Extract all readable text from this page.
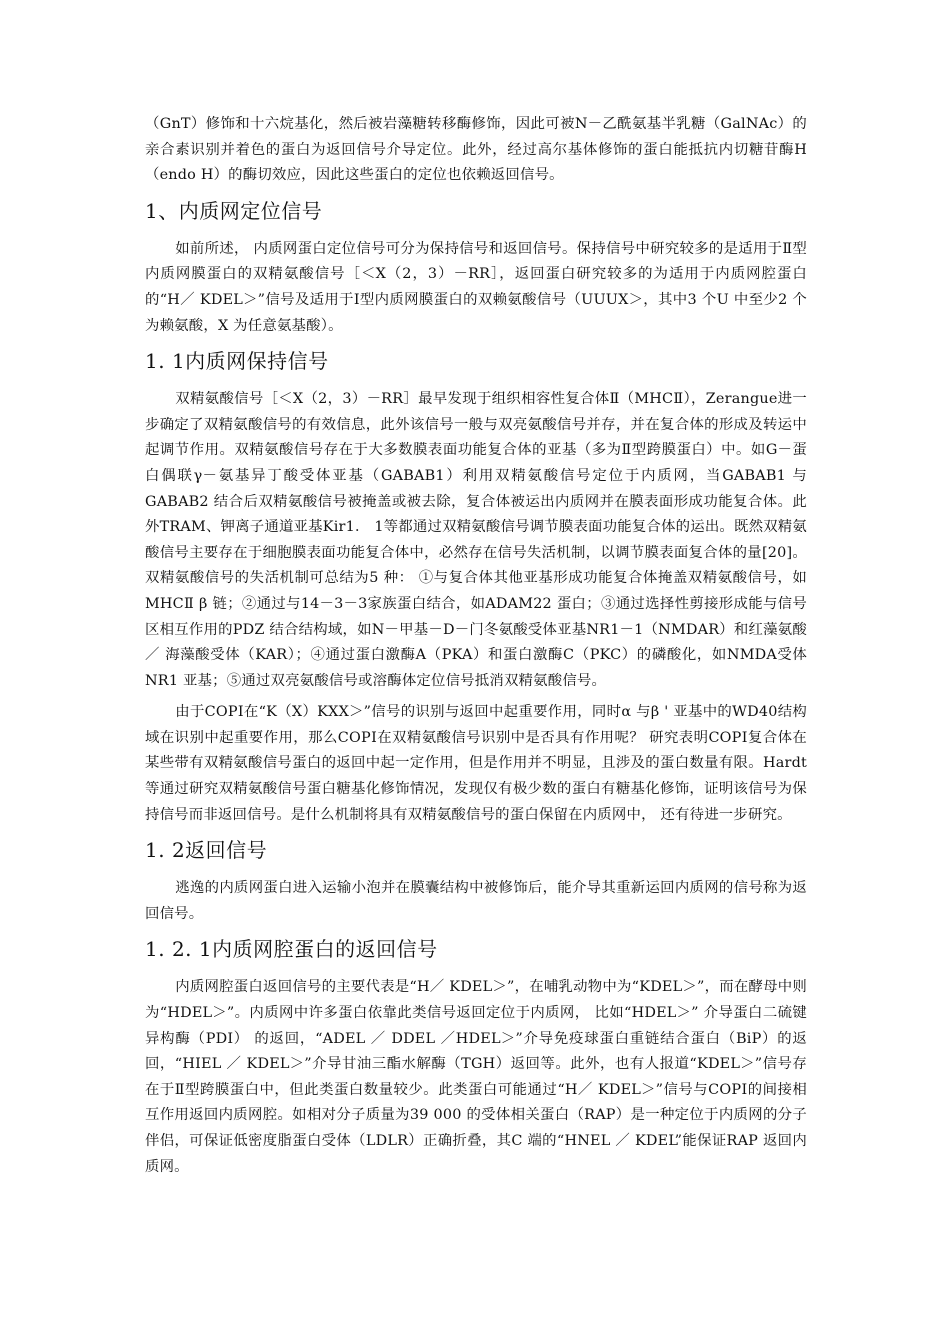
（GnT）修饰和十六烷基化，然后被岩藻糖转移酶修饰，因此可被N－乙酰氨基半乳糖（GalNAc）的亲合素识别并着色的蛋白为返回信号介导定位。此外，经过高尔基体修饰的蛋白能抵抗内切糖苷酶H（endo H）的酶切效应，因此这些蛋白的定位也依赖返回信号。

1、内质网定位信号

如前所述， 内质网蛋白定位信号可分为保持信号和返回信号。保持信号中研究较多的是适用于Ⅱ型内质网膜蛋白的双精氨酸信号［＜X（2，3）－RR］，返回蛋白研究较多的为适用于内质网腔蛋白的“H／ KDEL＞”信号及适用于Ⅰ型内质网膜蛋白的双赖氨酸信号（UUUX＞，其中3 个U 中至少2 个为赖氨酸，X 为任意氨基酸）。

1. 1内质网保持信号

双精氨酸信号［＜X（2，3）－RR］最早发现于组织相容性复合体Ⅱ（MHCⅡ），Zerangue进一步确定了双精氨酸信号的有效信息，此外该信号一般与双亮氨酸信号并存，并在复合体的形成及转运中起调节作用。双精氨酸信号存在于大多数膜表面功能复合体的亚基（多为Ⅱ型跨膜蛋白）中。如G－蛋白偶联γ－氨基异丁酸受体亚基（GABAB1）利用双精氨酸信号定位于内质网，当GABAB1 与GABAB2 结合后双精氨酸信号被掩盖或被去除，复合体被运出内质网并在膜表面形成功能复合体。此外TRAM、钾离子通道亚基Kir1． 1等都通过双精氨酸信号调节膜表面功能复合体的运出。既然双精氨酸信号主要存在于细胞膜表面功能复合体中，必然存在信号失活机制，以调节膜表面复合体的量[20]。双精氨酸信号的失活机制可总结为5 种： ①与复合体其他亚基形成功能复合体掩盖双精氨酸信号，如MHCⅡ β 链；②通过与14－3－3家族蛋白结合，如ADAM22 蛋白；③通过选择性剪接形成能与信号区相互作用的PDZ 结合结构域，如N－甲基－D－门冬氨酸受体亚基NR1－1（NMDAR）和红藻氨酸／ 海藻酸受体（KAR）；④通过蛋白激酶A（PKA）和蛋白激酶C（PKC）的磷酸化，如NMDA受体NR1 亚基；⑤通过双亮氨酸信号或溶酶体定位信号抵消双精氨酸信号。

由于COPⅠ在“K（X）KXX＞”信号的识别与返回中起重要作用，同时α 与β ' 亚基中的WD40结构域在识别中起重要作用，那么COPⅠ在双精氨酸信号识别中是否具有作用呢？ 研究表明COPⅠ复合体在某些带有双精氨酸信号蛋白的返回中起一定作用，但是作用并不明显，且涉及的蛋白数量有限。Hardt 等通过研究双精氨酸信号蛋白糖基化修饰情况，发现仅有极少数的蛋白有糖基化修饰，证明该信号为保持信号而非返回信号。是什么机制将具有双精氨酸信号的蛋白保留在内质网中， 还有待进一步研究。

1. 2返回信号

逃逸的内质网蛋白进入运输小泡并在膜囊结构中被修饰后，能介导其重新运回内质网的信号称为返回信号。

1. 2. 1内质网腔蛋白的返回信号

内质网腔蛋白返回信号的主要代表是“H／ KDEL＞”，在哺乳动物中为“KDEL＞”，而在酵母中则为“HDEL＞”。内质网中许多蛋白依靠此类信号返回定位于内质网， 比如“HDEL＞” 介导蛋白二硫键异构酶（PDI） 的返回，“ADEL ／ DDEL ／HDEL＞”介导免疫球蛋白重链结合蛋白（BiP）的返回，“HIEL ／ KDEL＞”介导甘油三酯水解酶（TGH）返回等。此外，也有人报道“KDEL＞”信号存在于Ⅱ型跨膜蛋白中，但此类蛋白数量较少。此类蛋白可能通过“H／ KDEL＞”信号与COPⅠ的间接相互作用返回内质网腔。如相对分子质量为39 000 的受体相关蛋白（RAP）是一种定位于内质网的分子伴侣，可保证低密度脂蛋白受体（LDLR）正确折叠，其C 端的“HNEL ／ KDEL”能保证RAP 返回内质网。
